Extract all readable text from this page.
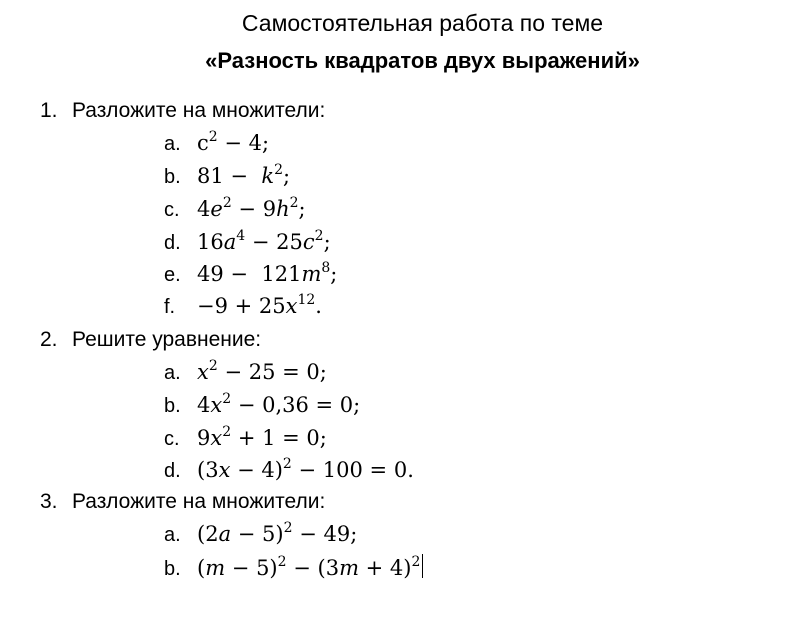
Самостоятельная работа по теме
«Разность квадратов двух выражений»
1. Разложите на множители:
a. $c^2 - 4$;
b. $81 - k^2$;
c. $4e^2 - 9h^2$;
d. $16a^4 - 25c^2$;
e. $49 - 121m^8$;
f. $-9 + 25x^{12}$.
2. Решите уравнение:
a. $x^2 - 25 = 0$;
b. $4x^2 - 0,36 = 0$;
c. $9x^2 + 1 = 0$;
d. $(3x - 4)^2 - 100 = 0$.
3. Разложите на множители:
a. $(2a - 5)^2 - 49$;
b. $(m - 5)^2 - (3m + 4)^2$
